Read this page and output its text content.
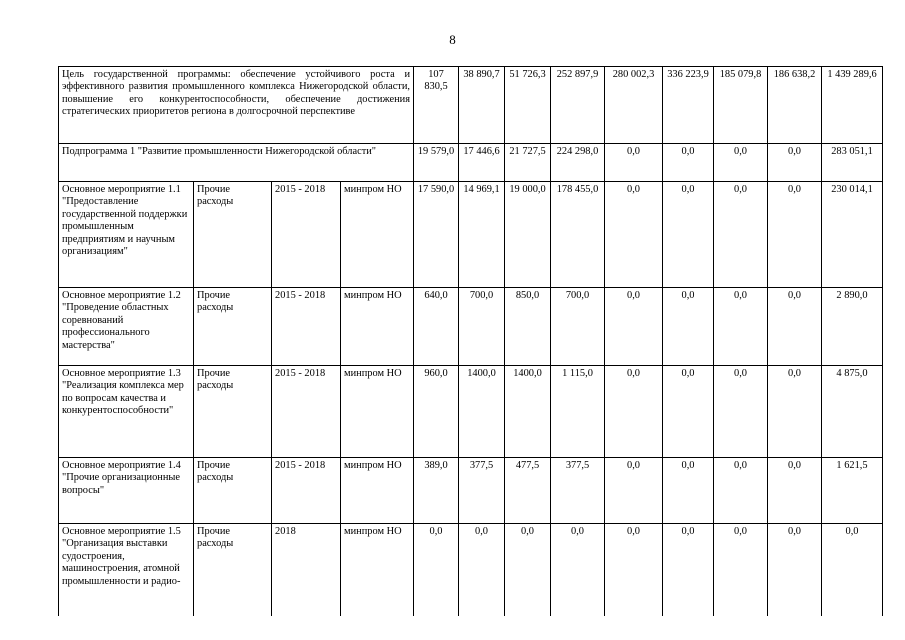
8
Цель государственной программы: обеспечение устойчивого роста и эффективного развития промышленного комплекса Нижегородской области, повышение его конкурентоспособности, обеспечение достижения стратегических приоритетов региона в долгосрочной перспективе				107 830,5	38 890,7	51 726,3	252 897,9	280 002,3	336 223,9	185 079,8	186 638,2	1 439 289,6
Подпрограмма 1 "Развитие промышленности Нижегородской области"				19 579,0	17 446,6	21 727,5	224 298,0	0,0	0,0	0,0	0,0	283 051,1
Основное мероприятие 1.1 "Предоставление государственной поддержки промышленным предприятиям и научным организациям"	Прочие расходы	2015 - 2018	минпром НО	17 590,0	14 969,1	19 000,0	178 455,0	0,0	0,0	0,0	0,0	230 014,1
Основное мероприятие 1.2 "Проведение областных соревнований профессионального мастерства"	Прочие расходы	2015 - 2018	минпром НО	640,0	700,0	850,0	700,0	0,0	0,0	0,0	0,0	2 890,0
Основное мероприятие 1.3 "Реализация комплекса мер по вопросам качества и конкурентоспособности"	Прочие расходы	2015 - 2018	минпром НО	960,0	1400,0	1400,0	1 115,0	0,0	0,0	0,0	0,0	4 875,0
Основное мероприятие 1.4 "Прочие организационные вопросы"	Прочие расходы	2015 - 2018	минпром НО	389,0	377,5	477,5	377,5	0,0	0,0	0,0	0,0	1 621,5
Основное мероприятие 1.5 "Организация выставки судостроения, машиностроения, атомной промышленности и радио-	Прочие расходы	2018	минпром НО	0,0	0,0	0,0	0,0	0,0	0,0	0,0	0,0	0,0
